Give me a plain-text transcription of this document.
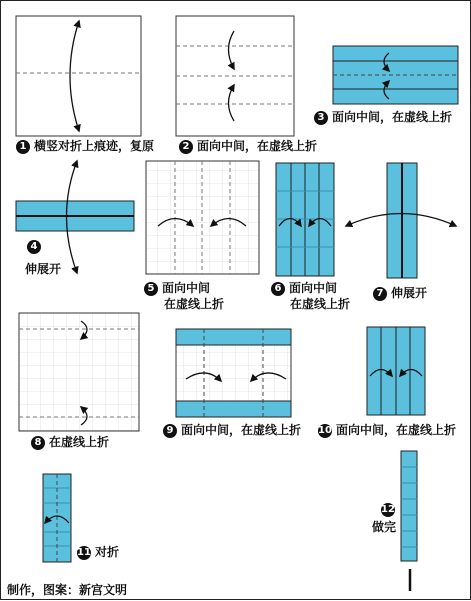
1 横竖对折上痕迹，复原	2 面向中间，在虚线上折
3 面向中间，在虚线上折
4
伸展开
5 面向中间
在虚线上折
6 面向中间
在虚线上折
7 伸展开
8 在虚线上折
9 面向中间，在虚线上折 10 面向中间，在虚线上折
11 对折
12
做完
制作，图案：新宫文明
